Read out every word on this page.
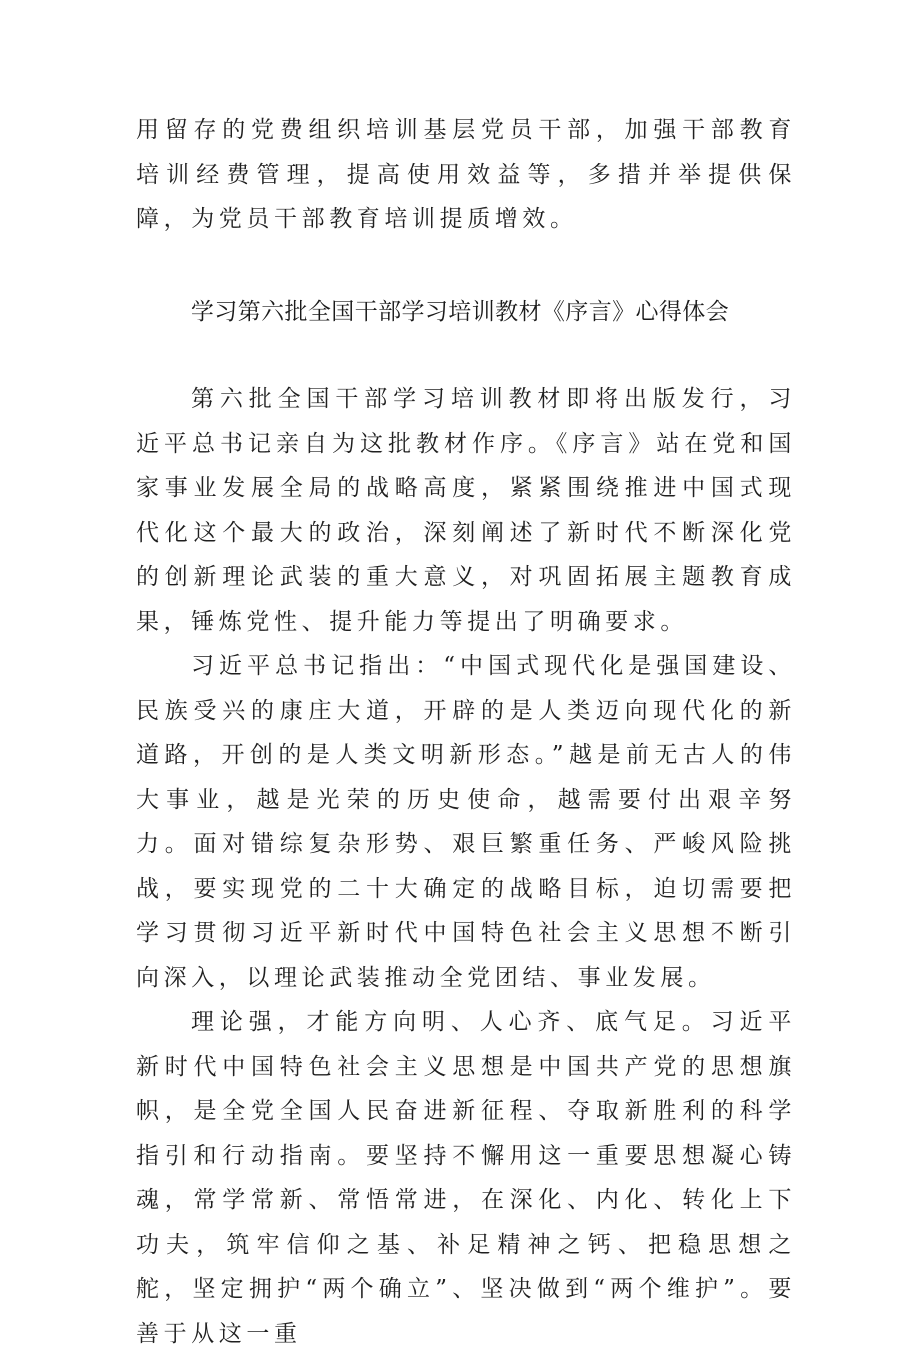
用留存的党费组织培训基层党员干部，加强干部教育培训经费管理，提高使用效益等，多措并举提供保障，为党员干部教育培训提质增效。

学习第六批全国干部学习培训教材《序言》心得体会

第六批全国干部学习培训教材即将出版发行，习近平总书记亲自为这批教材作序。《序言》站在党和国家事业发展全局的战略高度，紧紧围绕推进中国式现代化这个最大的政治，深刻阐述了新时代不断深化党的创新理论武装的重大意义，对巩固拓展主题教育成果，锤炼党性、提升能力等提出了明确要求。

习近平总书记指出：“中国式现代化是强国建设、民族受兴的康庄大道，开辟的是人类迈向现代化的新道路，开创的是人类文明新形态。”越是前无古人的伟大事业，越是光荣的历史使命，越需要付出艰辛努力。面对错综复杂形势、艰巨繁重任务、严峻风险挑战，要实现党的二十大确定的战略目标，迫切需要把学习贯彻习近平新时代中国特色社会主义思想不断引向深入，以理论武装推动全党团结、事业发展。

理论强，才能方向明、人心齐、底气足。习近平新时代中国特色社会主义思想是中国共产党的思想旗帜，是全党全国人民奋进新征程、夺取新胜利的科学指引和行动指南。要坚持不懈用这一重要思想凝心铸魂，常学常新、常悟常进，在深化、内化、转化上下功夫，筑牢信仰之基、补足精神之钙、把稳思想之舵，坚定拥护“两个确立”、坚决做到“两个维护”。要善于从这一重
